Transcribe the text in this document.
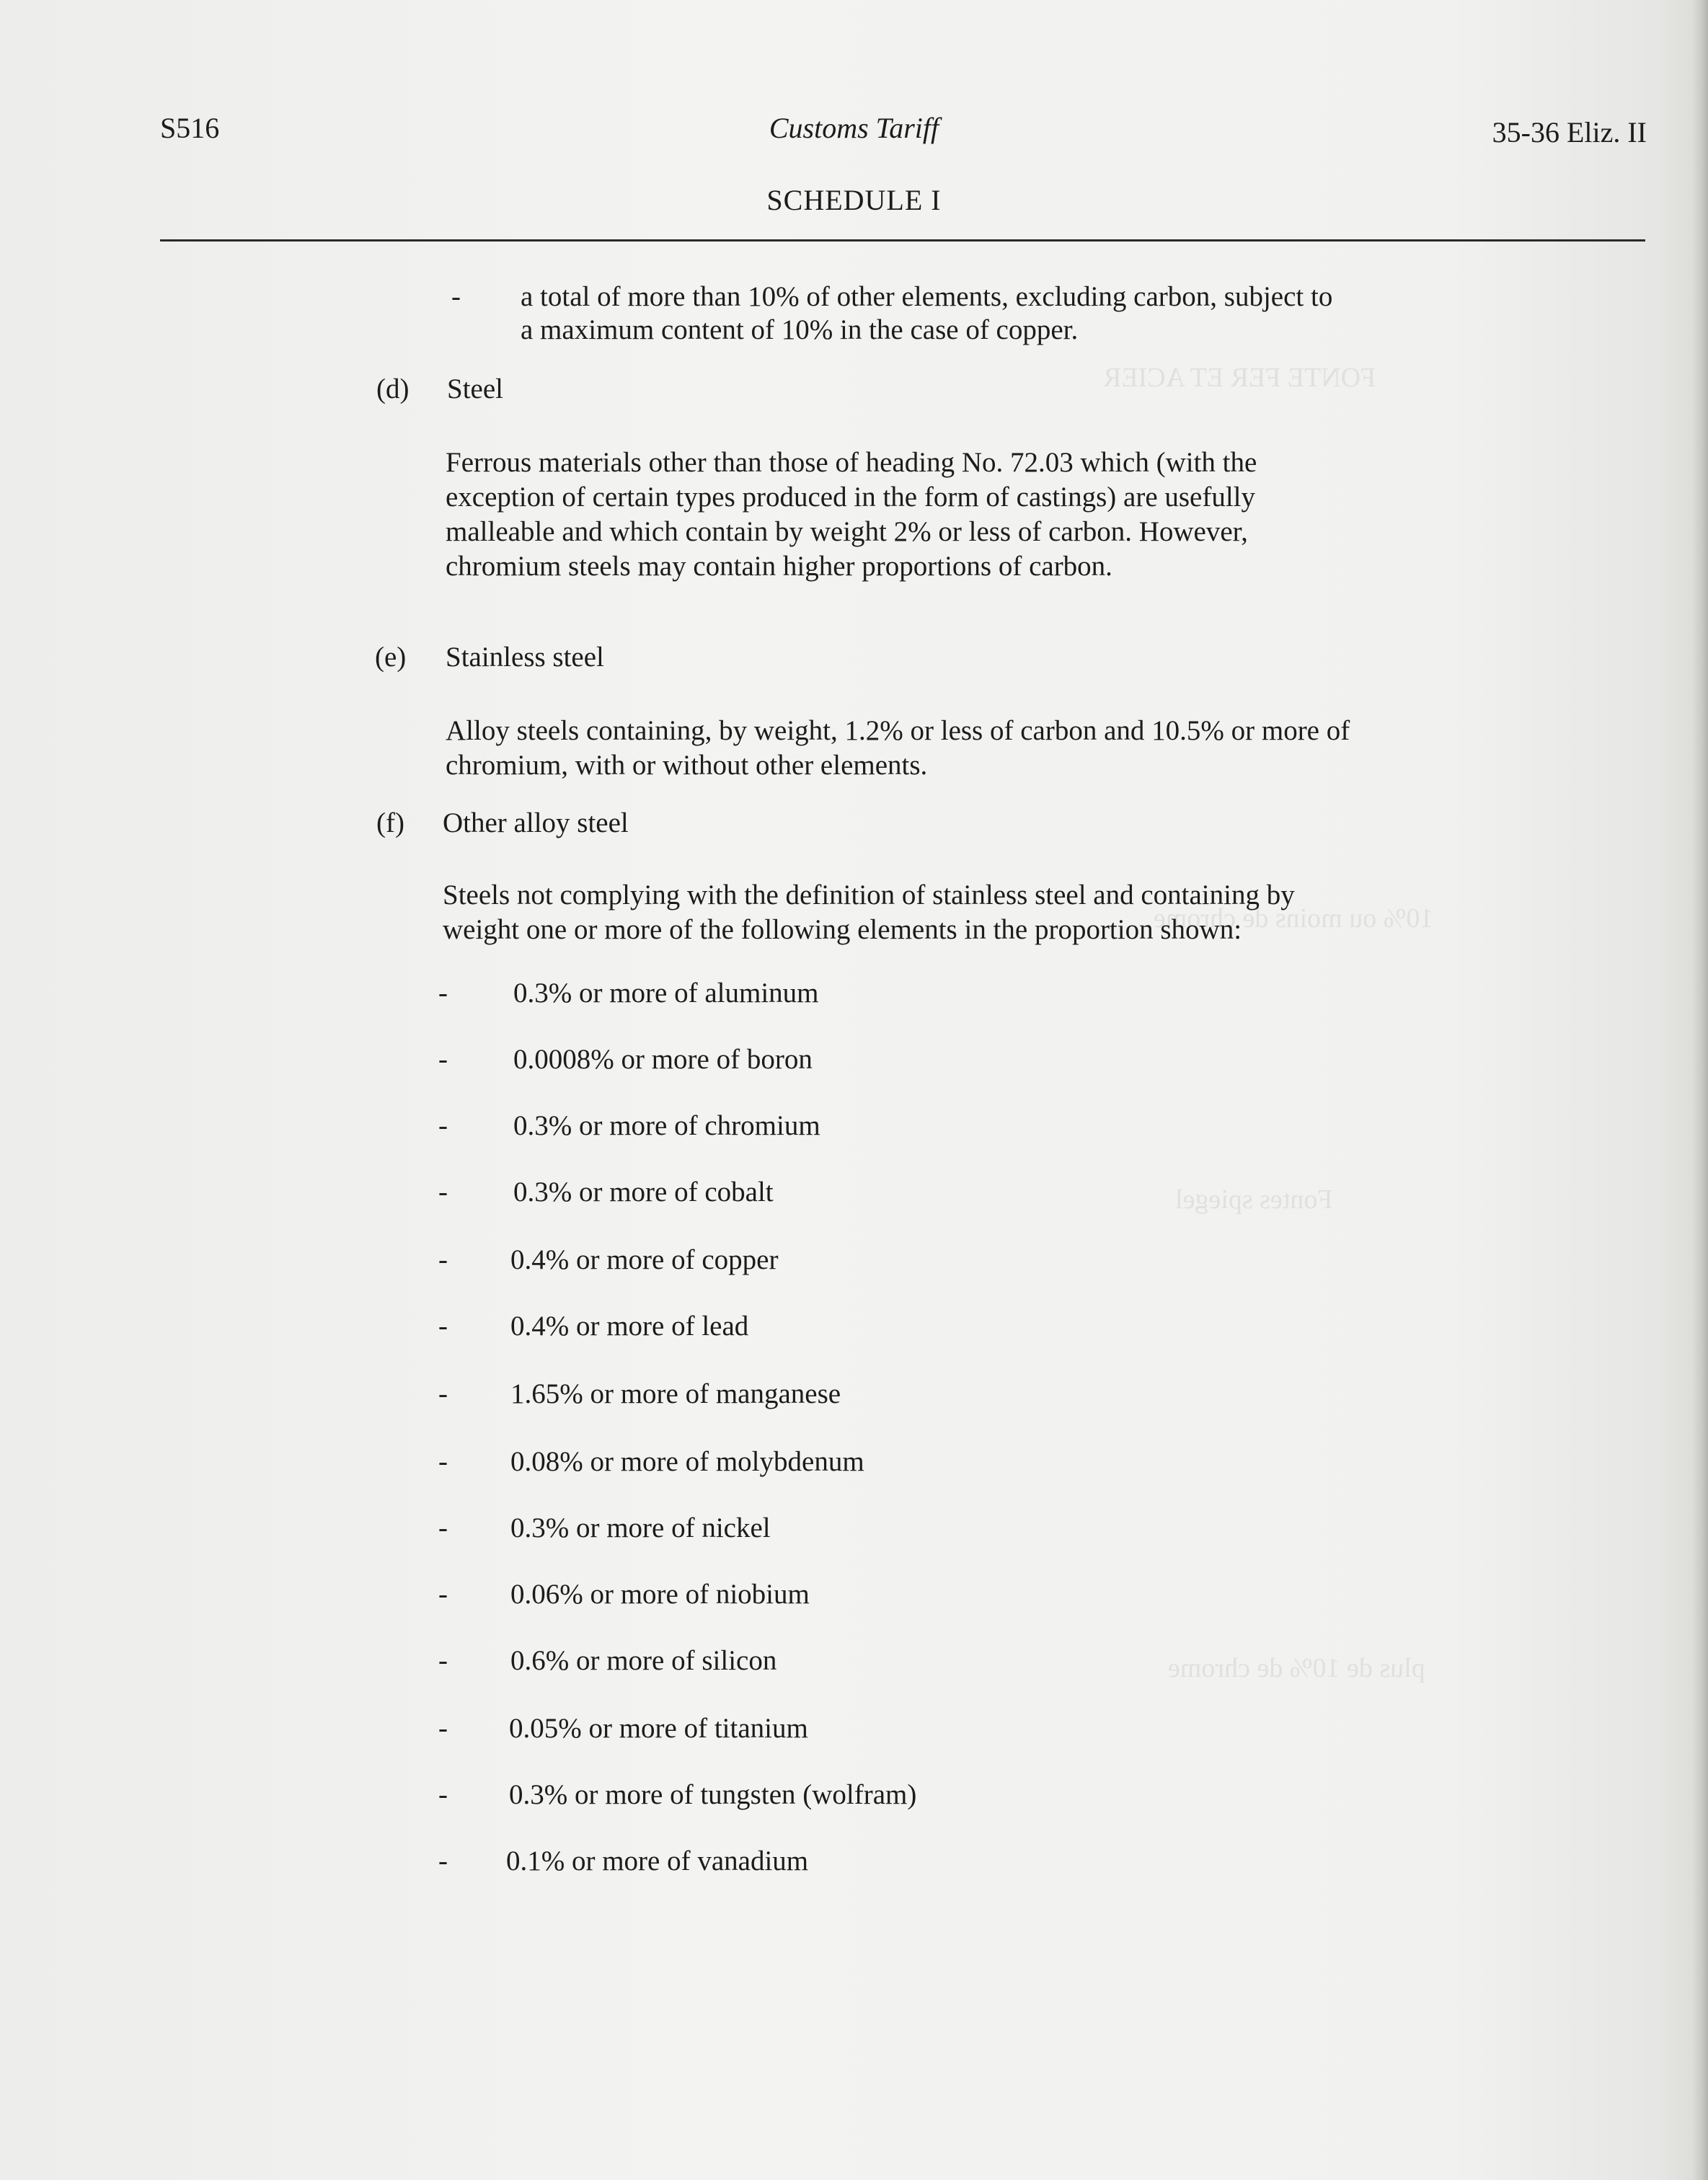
FONTE FER ET ACIER
10% ou moins de chrome
Fontes spiegel
plus de 10% de chrome
S516	Customs Tariff	35-36 Eliz. II
SCHEDULE I
- a total of more than 10% of other elements, excluding carbon, subject to
a maximum content of 10% in the case of copper.
(d) Steel
Ferrous materials other than those of heading No. 72.03 which (with the
exception of certain types produced in the form of castings) are usefully
malleable and which contain by weight 2% or less of carbon. However,
chromium steels may contain higher proportions of carbon.
(e) Stainless steel
Alloy steels containing, by weight, 1.2% or less of carbon and 10.5% or more of
chromium, with or without other elements.
(f) Other alloy steel
Steels not complying with the definition of stainless steel and containing by
weight one or more of the following elements in the proportion shown:
- 0.3% or more of aluminum
- 0.0008% or more of boron
- 0.3% or more of chromium
- 0.3% or more of cobalt
- 0.4% or more of copper
- 0.4% or more of lead
- 1.65% or more of manganese
- 0.08% or more of molybdenum
- 0.3% or more of nickel
- 0.06% or more of niobium
- 0.6% or more of silicon
- 0.05% or more of titanium
- 0.3% or more of tungsten (wolfram)
- 0.1% or more of vanadium
